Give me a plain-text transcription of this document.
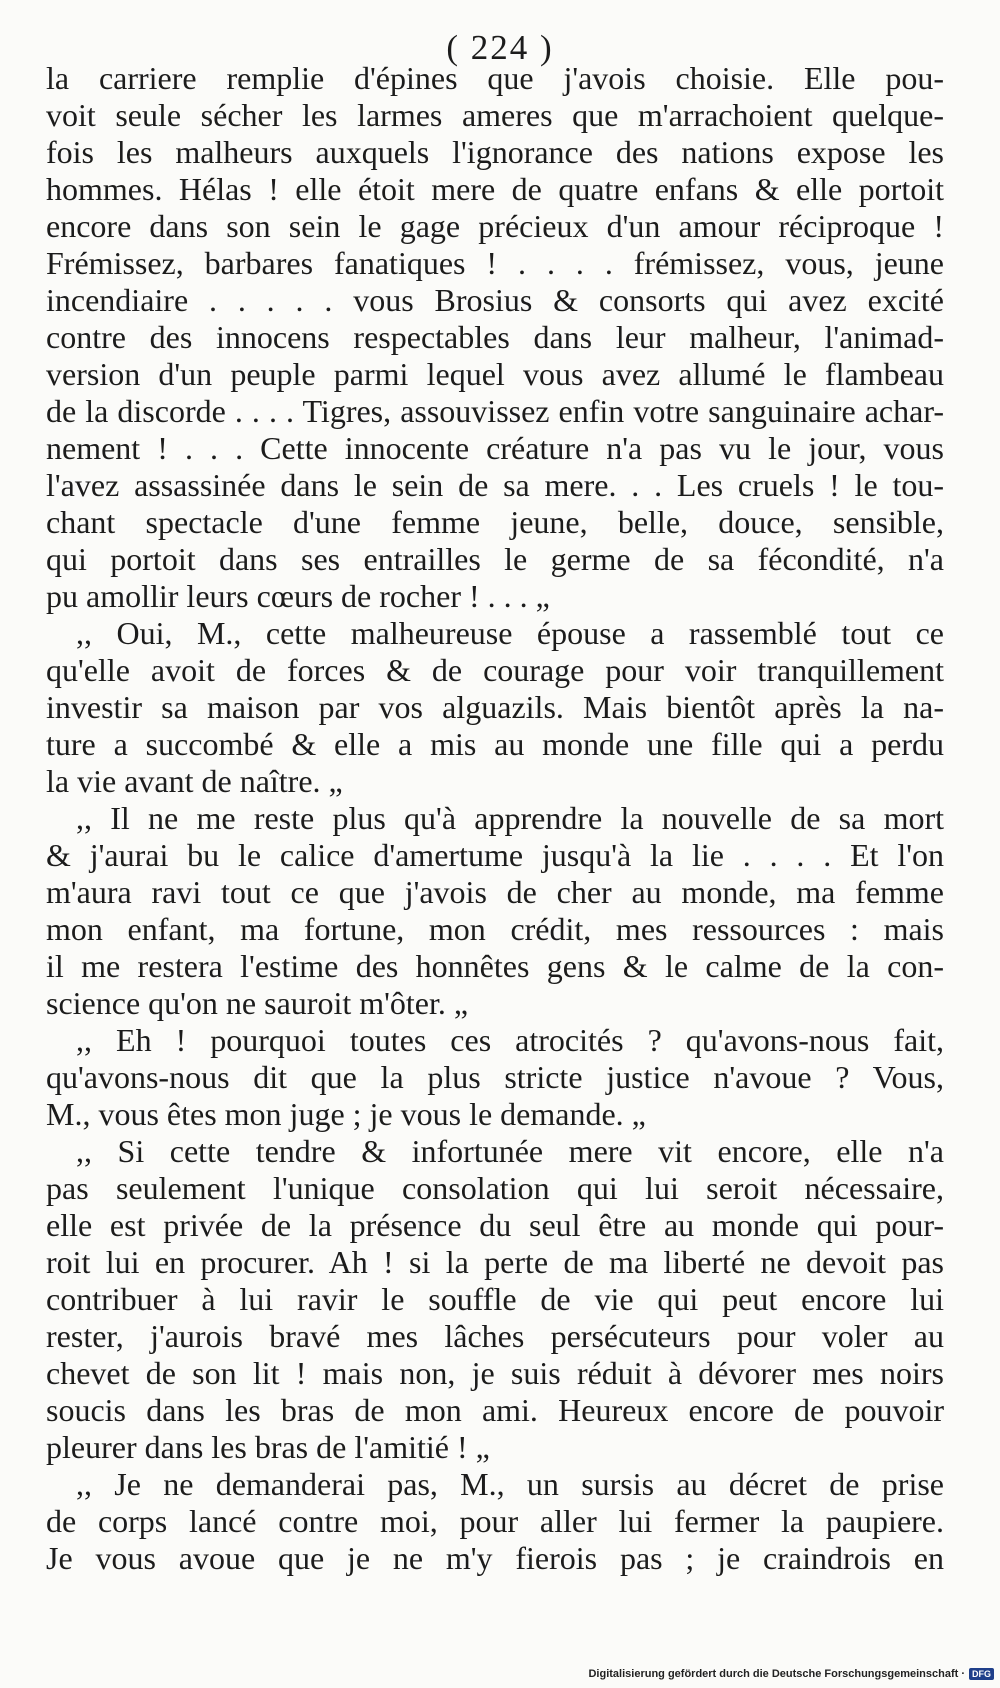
( 224 )
la carriere remplie d'épines que j'avois choisie. Elle pou-
voit seule sécher les larmes ameres que m'arrachoient quelque-
fois les malheurs auxquels l'ignorance des nations expose les
hommes. Hélas ! elle étoit mere de quatre enfans & elle portoit
encore dans son sein le gage précieux d'un amour réciproque !
Frémissez, barbares fanatiques ! . . . . frémissez, vous, jeune
incendiaire . . . . . vous Brosius & consorts qui avez excité
contre des innocens respectables dans leur malheur, l'animad-
version d'un peuple parmi lequel vous avez allumé le flambeau
de la discorde . . . . Tigres, assouvissez enfin votre sanguinaire achar-
nement ! . . . Cette innocente créature n'a pas vu le jour, vous
l'avez assassinée dans le sein de sa mere. . . Les cruels ! le tou-
chant spectacle d'une femme jeune, belle, douce, sensible,
qui portoit dans ses entrailles le germe de sa fécondité, n'a
pu amollir leurs cœurs de rocher ! . . . „
,, Oui, M., cette malheureuse épouse a rassemblé tout ce
qu'elle avoit de forces & de courage pour voir tranquillement
investir sa maison par vos alguazils. Mais bientôt après la na-
ture a succombé & elle a mis au monde une fille qui a perdu
la vie avant de naître. „
,, Il ne me reste plus qu'à apprendre la nouvelle de sa mort
& j'aurai bu le calice d'amertume jusqu'à la lie . . . . Et l'on
m'aura ravi tout ce que j'avois de cher au monde, ma femme
mon enfant, ma fortune, mon crédit, mes ressources : mais
il me restera l'estime des honnêtes gens & le calme de la con-
science qu'on ne sauroit m'ôter. „
,, Eh ! pourquoi toutes ces atrocités ? qu'avons-nous fait,
qu'avons-nous dit que la plus stricte justice n'avoue ? Vous,
M., vous êtes mon juge ; je vous le demande. „
,, Si cette tendre & infortunée mere vit encore, elle n'a
pas seulement l'unique consolation qui lui seroit nécessaire,
elle est privée de la présence du seul être au monde qui pour-
roit lui en procurer. Ah ! si la perte de ma liberté ne devoit pas
contribuer à lui ravir le souffle de vie qui peut encore lui
rester, j'aurois bravé mes lâches persécuteurs pour voler au
chevet de son lit ! mais non, je suis réduit à dévorer mes noirs
soucis dans les bras de mon ami. Heureux encore de pouvoir
pleurer dans les bras de l'amitié ! „
,, Je ne demanderai pas, M., un sursis au décret de prise
de corps lancé contre moi, pour aller lui fermer la paupiere.
Je vous avoue que je ne m'y fierois pas ; je craindrois en
Digitalisierung gefördert durch die Deutsche Forschungsgemeinschaft · DFG
